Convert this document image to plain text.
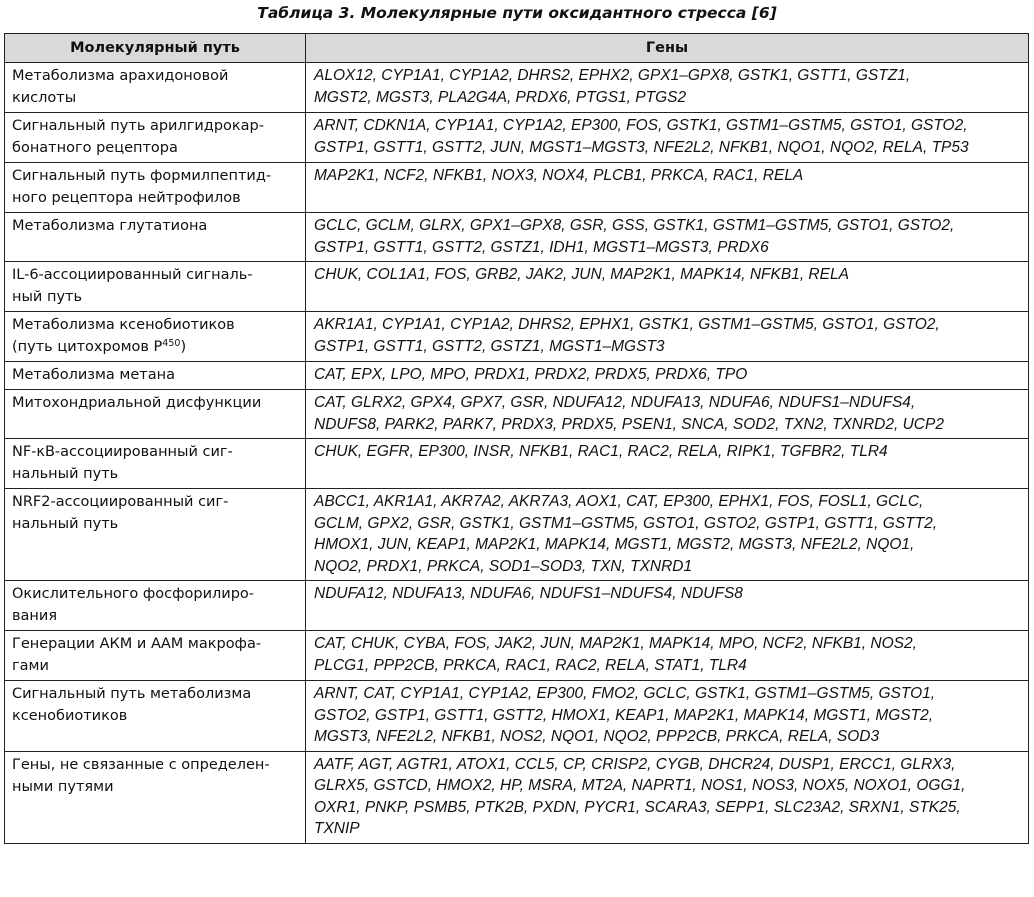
Таблица 3. Молекулярные пути оксидантного стресса [6]
Молекулярный путь	Гены

Метаболизма арахидоновой
кислоты	ALOX12, CYP1A1, CYP1A2, DHRS2, EPHX2, GPX1–GPX8, GSTK1, GSTT1, GSTZ1,
MGST2, MGST3, PLA2G4A, PRDX6, PTGS1, PTGS2

Сигнальный путь арилгидрокар-
бонатного рецептора	ARNT, CDKN1A, CYP1A1, CYP1A2, EP300, FOS, GSTK1, GSTM1–GSTM5, GSTO1, GSTO2,
GSTP1, GSTT1, GSTT2, JUN, MGST1–MGST3, NFE2L2, NFKB1, NQO1, NQO2, RELA, TP53

Сигнальный путь формилпептид-
ного рецептора нейтрофилов	MAP2K1, NCF2, NFKB1, NOX3, NOX4, PLCB1, PRKCA, RAC1, RELA

Метаболизма глутатиона	GCLC, GCLM, GLRX, GPX1–GPX8, GSR, GSS, GSTK1, GSTM1–GSTM5, GSTO1, GSTO2,
GSTP1, GSTT1, GSTT2, GSTZ1, IDH1, MGST1–MGST3, PRDX6

IL-6-ассоциированный сигналь-
ный путь	CHUK, COL1A1, FOS, GRB2, JAK2, JUN, MAP2K1, MAPK14, NFKB1, RELA

Метаболизма ксенобиотиков
(путь цитохромов $P^{450}$)	AKR1A1, CYP1A1, CYP1A2, DHRS2, EPHX1, GSTK1, GSTM1–GSTM5, GSTO1, GSTO2,
GSTP1, GSTT1, GSTT2, GSTZ1, MGST1–MGST3

Метаболизма метана	CAT, EPX, LPO, MPO, PRDX1, PRDX2, PRDX5, PRDX6, TPO

Митохондриальной дисфункции	CAT, GLRX2, GPX4, GPX7, GSR, NDUFA12, NDUFA13, NDUFA6, NDUFS1–NDUFS4,
NDUFS8, PARK2, PARK7, PRDX3, PRDX5, PSEN1, SNCA, SOD2, TXN2, TXNRD2, UCP2

NF-κB-ассоциированный сиг-
нальный путь	CHUK, EGFR, EP300, INSR, NFKB1, RAC1, RAC2, RELA, RIPK1, TGFBR2, TLR4

NRF2-ассоциированный сиг-
нальный путь	ABCC1, AKR1A1, AKR7A2, AKR7A3, AOX1, CAT, EP300, EPHX1, FOS, FOSL1, GCLC,
GCLM, GPX2, GSR, GSTK1, GSTM1–GSTM5, GSTO1, GSTO2, GSTP1, GSTT1, GSTT2,
HMOX1, JUN, KEAP1, MAP2K1, MAPK14, MGST1, MGST2, MGST3, NFE2L2, NQO1,
NQO2, PRDX1, PRKCA, SOD1–SOD3, TXN, TXNRD1

Окислительного фосфорилиро-
вания	NDUFA12, NDUFA13, NDUFA6, NDUFS1–NDUFS4, NDUFS8

Генерации АКМ и ААМ макрофа-
гами	CAT, CHUK, CYBA, FOS, JAK2, JUN, MAP2K1, MAPK14, MPO, NCF2, NFKB1, NOS2,
PLCG1, PPP2CB, PRKCA, RAC1, RAC2, RELA, STAT1, TLR4

Сигнальный путь метаболизма
ксенобиотиков	ARNT, CAT, CYP1A1, CYP1A2, EP300, FMO2, GCLC, GSTK1, GSTM1–GSTM5, GSTO1,
GSTO2, GSTP1, GSTT1, GSTT2, HMOX1, KEAP1, MAP2K1, MAPK14, MGST1, MGST2,
MGST3, NFE2L2, NFKB1, NOS2, NQO1, NQO2, PPP2CB, PRKCA, RELA, SOD3

Гены, не связанные с определен-
ными путями	AATF, AGT, AGTR1, ATOX1, CCL5, CP, CRISP2, CYGB, DHCR24, DUSP1, ERCC1, GLRX3,
GLRX5, GSTCD, HMOX2, HP, MSRA, MT2A, NAPRT1, NOS1, NOS3, NOX5, NOXO1, OGG1,
OXR1, PNKP, PSMB5, PTK2B, PXDN, PYCR1, SCARA3, SEPP1, SLC23A2, SRXN1, STK25,
TXNIP
